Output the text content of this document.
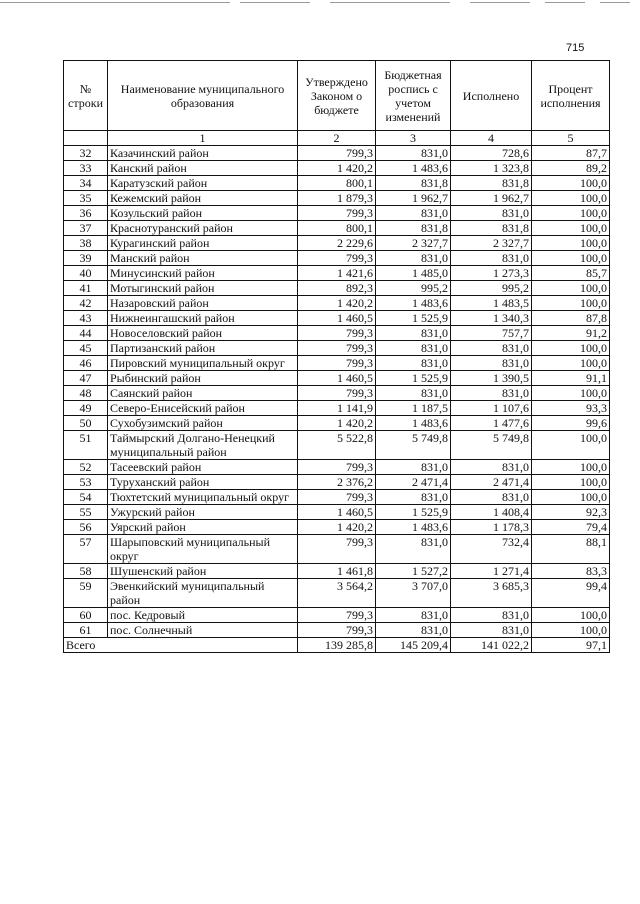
715
№ строки	Наименование муниципального образования	Утверждено Законом о бюджете	Бюджетная роспись с учетом изменений	Исполнено	Процент исполнения
	1	2	3	4	5
32	Казачинский район	799,3	831,0	728,6	87,7
33	Канский район	1 420,2	1 483,6	1 323,8	89,2
34	Каратузский район	800,1	831,8	831,8	100,0
35	Кежемский район	1 879,3	1 962,7	1 962,7	100,0
36	Козульский район	799,3	831,0	831,0	100,0
37	Краснотуранский район	800,1	831,8	831,8	100,0
38	Курагинский район	2 229,6	2 327,7	2 327,7	100,0
39	Манский район	799,3	831,0	831,0	100,0
40	Минусинский район	1 421,6	1 485,0	1 273,3	85,7
41	Мотыгинский район	892,3	995,2	995,2	100,0
42	Назаровский район	1 420,2	1 483,6	1 483,5	100,0
43	Нижнеингашский район	1 460,5	1 525,9	1 340,3	87,8
44	Новоселовский район	799,3	831,0	757,7	91,2
45	Партизанский район	799,3	831,0	831,0	100,0
46	Пировский муниципальный округ	799,3	831,0	831,0	100,0
47	Рыбинский район	1 460,5	1 525,9	1 390,5	91,1
48	Саянский район	799,3	831,0	831,0	100,0
49	Северо-Енисейский район	1 141,9	1 187,5	1 107,6	93,3
50	Сухобузимский район	1 420,2	1 483,6	1 477,6	99,6
51	Таймырский Долгано-Ненецкий муниципальный район	5 522,8	5 749,8	5 749,8	100,0
52	Тасеевский район	799,3	831,0	831,0	100,0
53	Туруханский район	2 376,2	2 471,4	2 471,4	100,0
54	Тюхтетский муниципальный округ	799,3	831,0	831,0	100,0
55	Ужурский район	1 460,5	1 525,9	1 408,4	92,3
56	Уярский район	1 420,2	1 483,6	1 178,3	79,4
57	Шарыповский муниципальный округ	799,3	831,0	732,4	88,1
58	Шушенский район	1 461,8	1 527,2	1 271,4	83,3
59	Эвенкийский муниципальный район	3 564,2	3 707,0	3 685,3	99,4
60	пос. Кедровый	799,3	831,0	831,0	100,0
61	пос. Солнечный	799,3	831,0	831,0	100,0
Всего		139 285,8	145 209,4	141 022,2	97,1
